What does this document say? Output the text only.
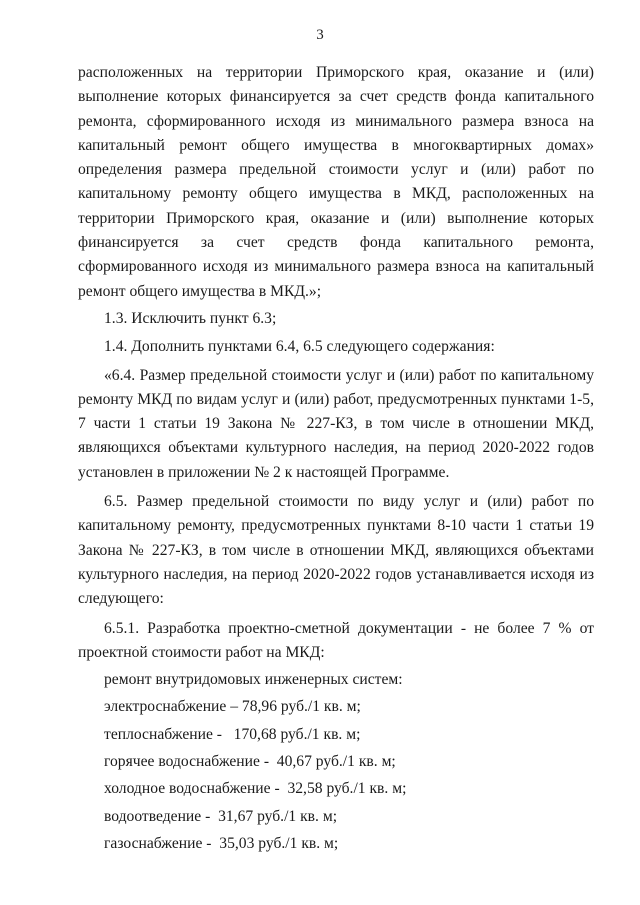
3

расположенных на территории Приморского края, оказание и (или) выполнение которых финансируется за счет средств фонда капитального ремонта, сформированного исходя из минимального размера взноса на капитальный ремонт общего имущества в многоквартирных домах» определения размера предельной стоимости услуг и (или) работ по капитальному ремонту общего имущества в МКД, расположенных на территории Приморского края, оказание и (или) выполнение которых финансируется за счет средств фонда капитального ремонта, сформированного исходя из минимального размера взноса на капитальный ремонт общего имущества в МКД.»;

1.3. Исключить пункт 6.3;

1.4. Дополнить пунктами 6.4, 6.5 следующего содержания:

«6.4. Размер предельной стоимости услуг и (или) работ по капитальному ремонту МКД по видам услуг и (или) работ, предусмотренных пунктами 1-5, 7 части 1 статьи 19 Закона № 227-КЗ, в том числе в отношении МКД, являющихся объектами культурного наследия, на период 2020-2022 годов установлен в приложении № 2 к настоящей Программе.

6.5. Размер предельной стоимости по виду услуг и (или) работ по капитальному ремонту, предусмотренных пунктами 8-10 части 1 статьи 19 Закона № 227-КЗ, в том числе в отношении МКД, являющихся объектами культурного наследия, на период 2020-2022 годов устанавливается исходя из следующего:

6.5.1. Разработка проектно-сметной документации - не более 7 % от проектной стоимости работ на МКД:

ремонт внутридомовых инженерных систем:

электроснабжение – 78,96 руб./1 кв. м;

теплоснабжение -   170,68 руб./1 кв. м;

горячее водоснабжение -  40,67 руб./1 кв. м;

холодное водоснабжение -  32,58 руб./1 кв. м;

водоотведение -  31,67 руб./1 кв. м;

газоснабжение -  35,03 руб./1 кв. м;
